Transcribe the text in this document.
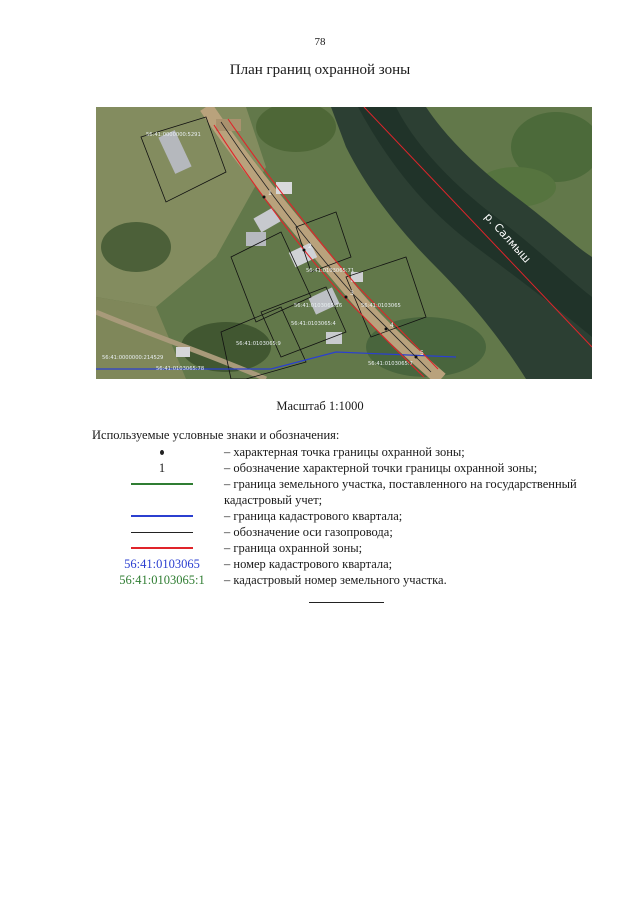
78
План границ охранной зоны
1
2
3
4
5
56:41:0000000:5291
56:41:0103065
56:41:0103065:71
56:41:0103065:4
56:41:0103065:9
56:41:0103065:16
56:41:0000000:214529
56:41:0103065:78
56:41:0103065:7
р. Салмыш
Масштаб 1:1000
Используемые условные знаки и обозначения:
– характерная точка границы охранной зоны;
1	– обозначение характерной точки границы охранной зоны;
– граница земельного участка, поставленного на государственный кадастровый учет;
– граница кадастрового квартала;
– обозначение оси газопровода;
– граница охранной зоны;
56:41:0103065 – номер кадастрового квартала;
56:41:0103065:1 – кадастровый номер земельного участка.
